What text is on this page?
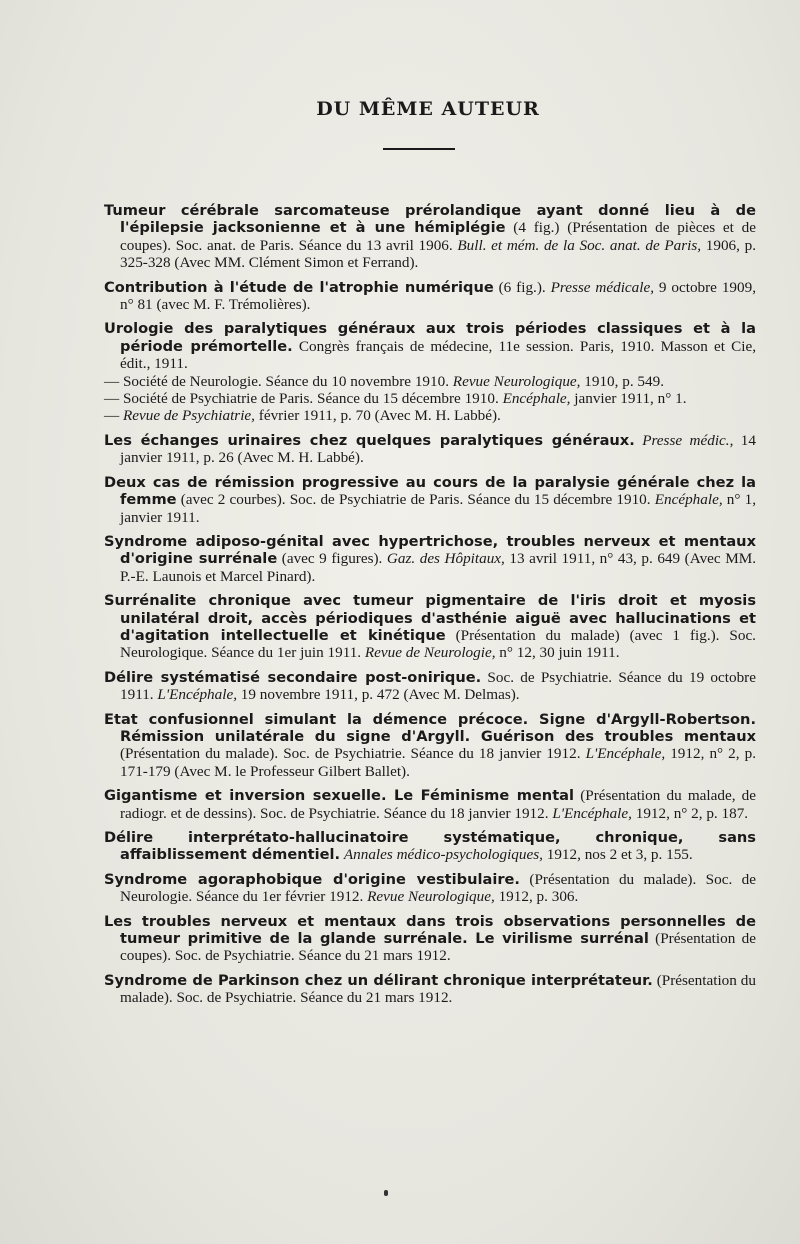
DU MÊME AUTEUR
Tumeur cérébrale sarcomateuse prérolandique ayant donné lieu à de l'épilepsie jacksonienne et à une hémiplégie (4 fig.) (Présentation de pièces et de coupes). Soc. anat. de Paris. Séance du 13 avril 1906. Bull. et mém. de la Soc. anat. de Paris, 1906, p. 325-328 (Avec MM. Clément Simon et Ferrand).
Contribution à l'étude de l'atrophie numérique (6 fig.). Presse médicale, 9 octobre 1909, n° 81 (avec M. F. Trémolières).

Urologie des paralytiques généraux aux trois périodes classiques et à la période prémortelle. Congrès français de médecine, 11e session. Paris, 1910. Masson et Cie, édit., 1911.

— Société de Neurologie. Séance du 10 novembre 1910. Revue Neurologique, 1910, p. 549.

— Société de Psychiatrie de Paris. Séance du 15 décembre 1910. Encéphale, janvier 1911, n° 1.

— Revue de Psychiatrie, février 1911, p. 70 (Avec M. H. Labbé).

Les échanges urinaires chez quelques paralytiques généraux. Presse médic., 14 janvier 1911, p. 26 (Avec M. H. Labbé).
Deux cas de rémission progressive au cours de la paralysie générale chez la femme (avec 2 courbes). Soc. de Psychiatrie de Paris. Séance du 15 décembre 1910. Encéphale, n° 1, janvier 1911.
Syndrome adiposo-génital avec hypertrichose, troubles nerveux et mentaux d'origine surrénale (avec 9 figures). Gaz. des Hôpitaux, 13 avril 1911, n° 43, p. 649 (Avec MM. P.-E. Launois et Marcel Pinard).
Surrénalite chronique avec tumeur pigmentaire de l'iris droit et myosis unilatéral droit, accès périodiques d'asthénie aiguë avec hallucinations et d'agitation intellectuelle et kinétique (Présentation du malade) (avec 1 fig.). Soc. Neurologique. Séance du 1er juin 1911. Revue de Neurologie, n° 12, 30 juin 1911.
Délire systématisé secondaire post-onirique. Soc. de Psychiatrie. Séance du 19 octobre 1911. L'Encéphale, 19 novembre 1911, p. 472 (Avec M. Delmas).
Etat confusionnel simulant la démence précoce. Signe d'Argyll-Robertson. Rémission unilatérale du signe d'Argyll. Guérison des troubles mentaux (Présentation du malade). Soc. de Psychiatrie. Séance du 18 janvier 1912. L'Encéphale, 1912, n° 2, p. 171-179 (Avec M. le Professeur Gilbert Ballet).
Gigantisme et inversion sexuelle. Le Féminisme mental (Présentation du malade, de radiogr. et de dessins). Soc. de Psychiatrie. Séance du 18 janvier 1912. L'Encéphale, 1912, n° 2, p. 187.
Délire interprétato-hallucinatoire systématique, chronique, sans affaiblissement démentiel. Annales médico-psychologiques, 1912, nos 2 et 3, p. 155.
Syndrome agoraphobique d'origine vestibulaire. (Présentation du malade). Soc. de Neurologie. Séance du 1er février 1912. Revue Neurologique, 1912, p. 306.
Les troubles nerveux et mentaux dans trois observations personnelles de tumeur primitive de la glande surrénale. Le virilisme surrénal (Présentation de coupes). Soc. de Psychiatrie. Séance du 21 mars 1912.
Syndrome de Parkinson chez un délirant chronique interprétateur. (Présentation du malade). Soc. de Psychiatrie. Séance du 21 mars 1912.
